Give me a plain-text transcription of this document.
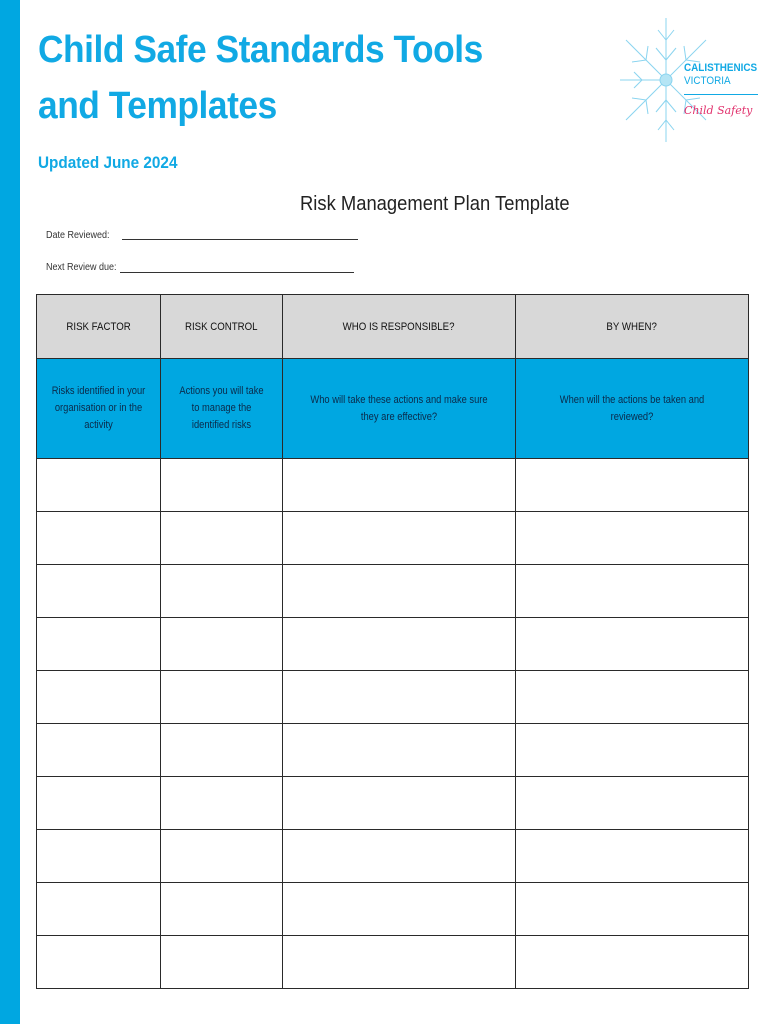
Child Safe Standards Tools and Templates
Updated June 2024
CALISTHENICS
VICTORIA
Child Safety
Risk Management Plan Template
Date Reviewed:
Next Review due:
RISK FACTOR	RISK CONTROL	WHO IS RESPONSIBLE?	BY WHEN?
Risks identified in your organisation or in the activity	Actions you will take to manage the identified risks	Who will take these actions and make sure they are effective?	When will the actions be taken and reviewed?
